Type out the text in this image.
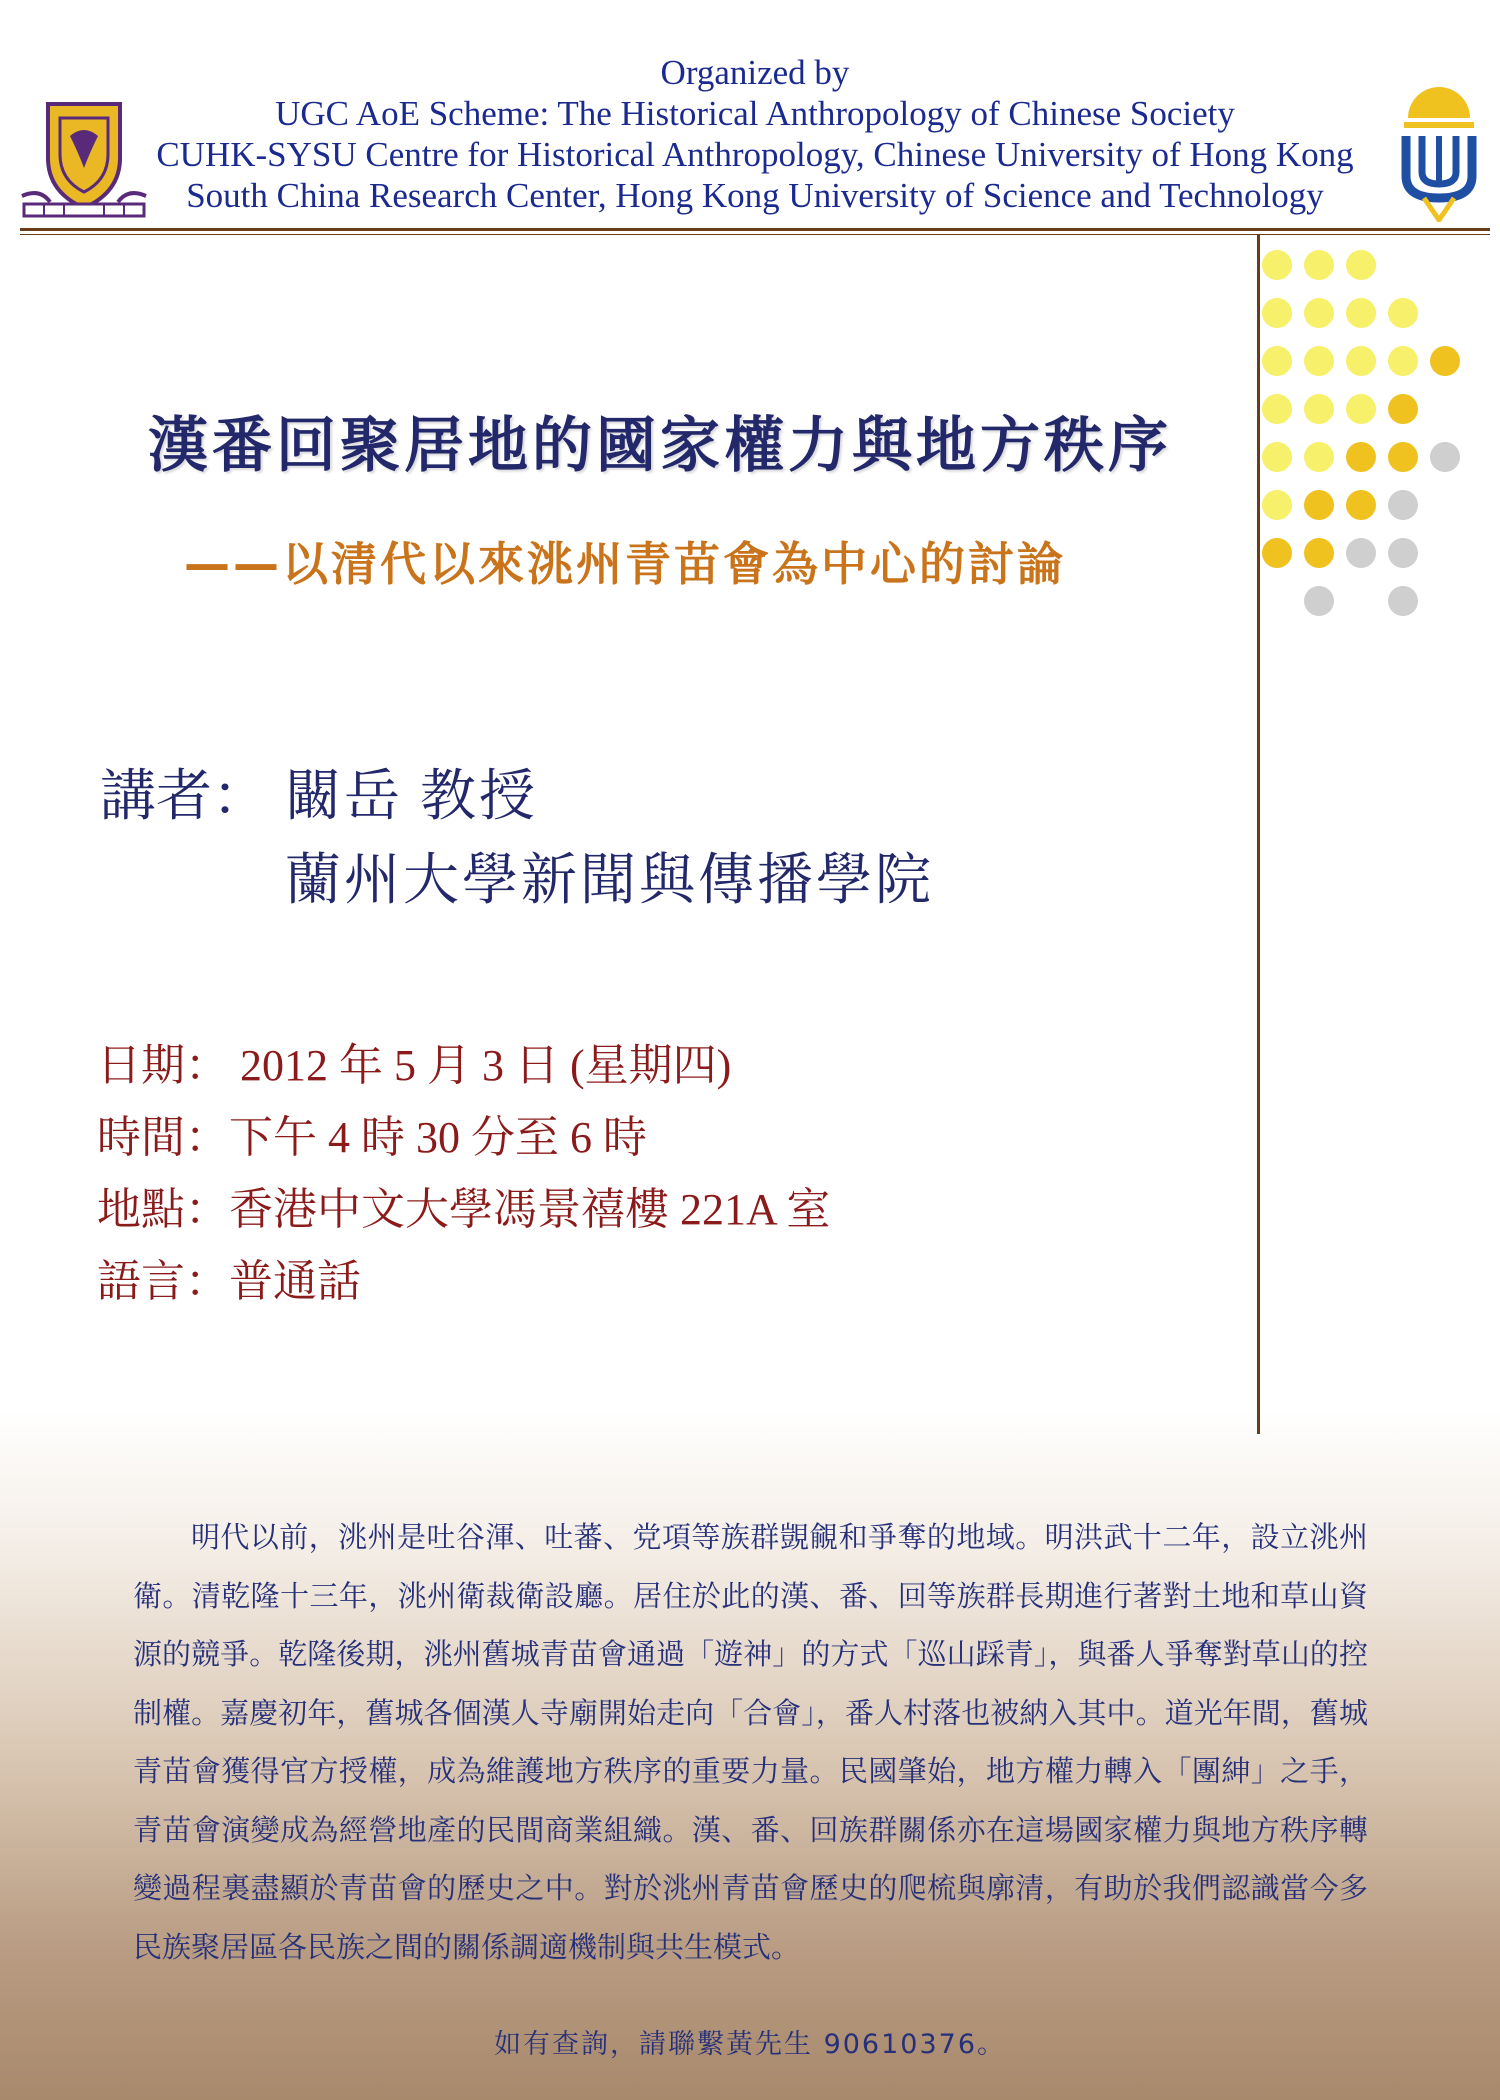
Organized by
UGC AoE Scheme: The Historical Anthropology of Chinese Society
CUHK-SYSU Centre for Historical Anthropology, Chinese University of Hong Kong
South China Research Center, Hong Kong University of Science and Technology
漢番回聚居地的國家權力與地方秩序
——以清代以來洮州青苗會為中心的討論
講者： 闞岳 教授
蘭州大學新聞與傳播學院
日期： 2012 年 5 月 3 日 (星期四)
時間：下午 4 時 30 分至 6 時
地點：香港中文大學馮景禧樓 221A 室
語言：普通話
明代以前，洮州是吐谷渾、吐蕃、党項等族群覬覦和爭奪的地域。明洪武十二年，設立洮州衛。清乾隆十三年，洮州衛裁衛設廳。居住於此的漢、番、回等族群長期進行著對土地和草山資源的競爭。乾隆後期，洮州舊城青苗會通過「遊神」的方式「巡山踩青」，與番人爭奪對草山的控制權。嘉慶初年，舊城各個漢人寺廟開始走向「合會」，番人村落也被納入其中。道光年間，舊城青苗會獲得官方授權，成為維護地方秩序的重要力量。民國肇始，地方權力轉入「團紳」之手，青苗會演變成為經營地產的民間商業組織。漢、番、回族群關係亦在這場國家權力與地方秩序轉變過程裏盡顯於青苗會的歷史之中。對於洮州青苗會歷史的爬梳與廓清，有助於我們認識當今多民族聚居區各民族之間的關係調適機制與共生模式。
如有查詢，請聯繫黃先生 90610376。
